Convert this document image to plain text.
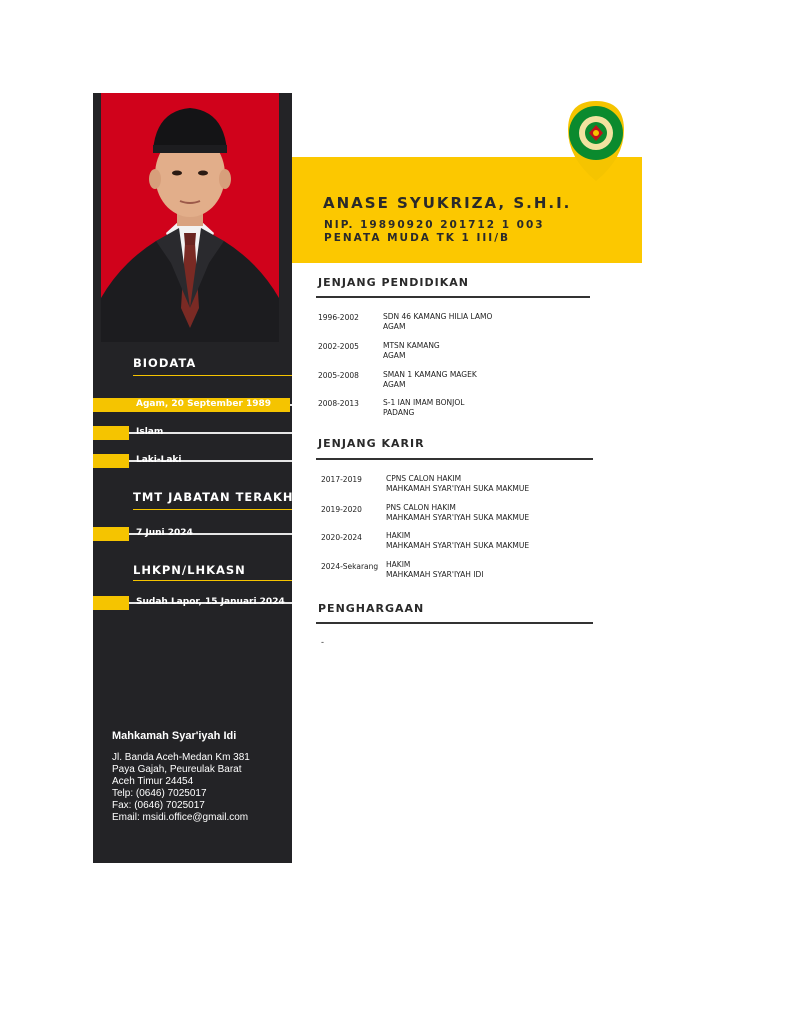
BIODATA
Agam, 20 September 1989
Islam
Laki-Laki
TMT JABATAN TERAKHIR
7 Juni 2024
LHKPN/LHKASN
Sudah Lapor, 15 Januari 2024
Mahkamah Syar'iyah Idi
Jl. Banda Aceh-Medan Km 381
Paya Gajah, Peureulak Barat
Aceh Timur 24454
Telp: (0646) 7025017
Fax: (0646) 7025017
Email: msidi.office@gmail.com
ANASE SYUKRIZA, S.H.I.
NIP. 19890920 201712 1 003
PENATA MUDA TK 1 III/B
JENJANG PENDIDIKAN
1996-2002	SDN 46 KAMANG HILIA LAMO
AGAM
2002-2005	MTSN KAMANG
AGAM
2005-2008	SMAN 1 KAMANG MAGEK
AGAM
2008-2013	S-1 IAN IMAM BONJOL
PADANG
JENJANG KARIR
2017-2019	CPNS CALON HAKIM
MAHKAMAH SYAR'IYAH SUKA MAKMUE
2019-2020	PNS CALON HAKIM
MAHKAMAH SYAR'IYAH SUKA MAKMUE
2020-2024	HAKIM
MAHKAMAH SYAR'IYAH SUKA MAKMUE
2024-Sekarang HAKIM
MAHKAMAH SYAR'IYAH IDI
PENGHARGAAN
-
